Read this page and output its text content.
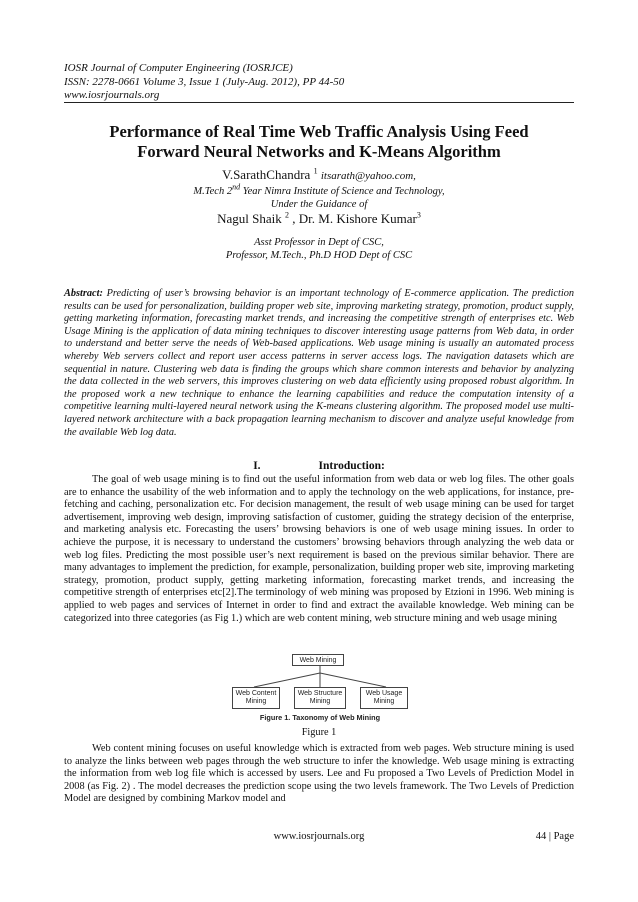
IOSR Journal of Computer Engineering (IOSRJCE)
ISSN: 2278-0661 Volume 3, Issue 1 (July-Aug. 2012), PP 44-50
www.iosrjournals.org
Performance of Real Time Web Traffic Analysis Using Feed
Forward Neural Networks and K-Means Algorithm
V.SarathChandra $^1$ itsarath@yahoo.com,
M.Tech 2nd Year Nimra Institute of Science and Technology,
Under the Guidance of
Nagul Shaik $^2$ , Dr. M. Kishore Kumar$^3$
Asst Professor in Dept of CSC,
Professor, M.Tech., Ph.D HOD Dept of CSC
Abstract: Predicting of user’s browsing behavior is an important technology of E-commerce application. The prediction results can be used for personalization, building proper web site, improving marketing strategy, promotion, product supply, getting marketing information, forecasting market trends, and increasing the competitive strength of enterprises etc. Web Usage Mining is the application of data mining techniques to discover interesting usage patterns from Web data, in order to understand and better serve the needs of Web-based applications. Web usage mining is usually an automated process whereby Web servers collect and report user access patterns in server access logs. The navigation datasets which are sequential in nature. Clustering web data is finding the groups which share common interests and behavior by analyzing the data collected in the web servers, this improves clustering on web data efficiently using proposed robust algorithm. In the proposed work a new technique to enhance the learning capabilities and reduce the computation intensity of a competitive learning multi-layered neural network using the K-means clustering algorithm. The proposed model use multi-layered network architecture with a back propagation learning mechanism to discover and analyze useful knowledge from the available Web log data.
I.	Introduction:
The goal of web usage mining is to find out the useful information from web data or web log files. The other goals are to enhance the usability of the web information and to apply the technology on the web applications, for instance, pre-fetching and caching, personalization etc. For decision management, the result of web usage mining can be used for target advertisement, improving web design, improving satisfaction of customer, guiding the strategy decision of the enterprise, and marketing analysis etc. Forecasting the users’ browsing behaviors is one of web usage mining issues. In order to achieve the purpose, it is necessary to understand the customers’ browsing behaviors through analyzing the web data or web log files. Predicting the most possible user’s next requirement is based on the previous similar behavior. There are many advantages to implement the prediction, for example, personalization, building proper web site, improving marketing strategy, promotion, product supply, getting marketing information, forecasting market trends, and increasing the competitive strength of enterprises etc[2].The terminology of web mining was proposed by Etzioni in 1996. Web mining is applied to web pages and services of Internet in order to find and extract the available knowledge. Web mining can be categorized into three categories (as Fig 1.) which are web content mining, web structure mining and web usage mining
Web Mining
Web Content
Mining
Web Structure
Mining
Web Usage
Mining
Figure 1. Taxonomy of Web Mining
Figure 1
Web content mining focuses on useful knowledge which is extracted from web pages. Web structure mining is used to analyze the links between web pages through the web structure to infer the knowledge. Web usage mining is extracting the information from web log file which is accessed by users. Lee and Fu proposed a Two Levels of Prediction Model in 2008 (as Fig. 2) . The model decreases the prediction scope using the two levels framework. The Two Levels of Prediction Model are designed by combining Markov model and
www.iosrjournals.org	44 | Page
